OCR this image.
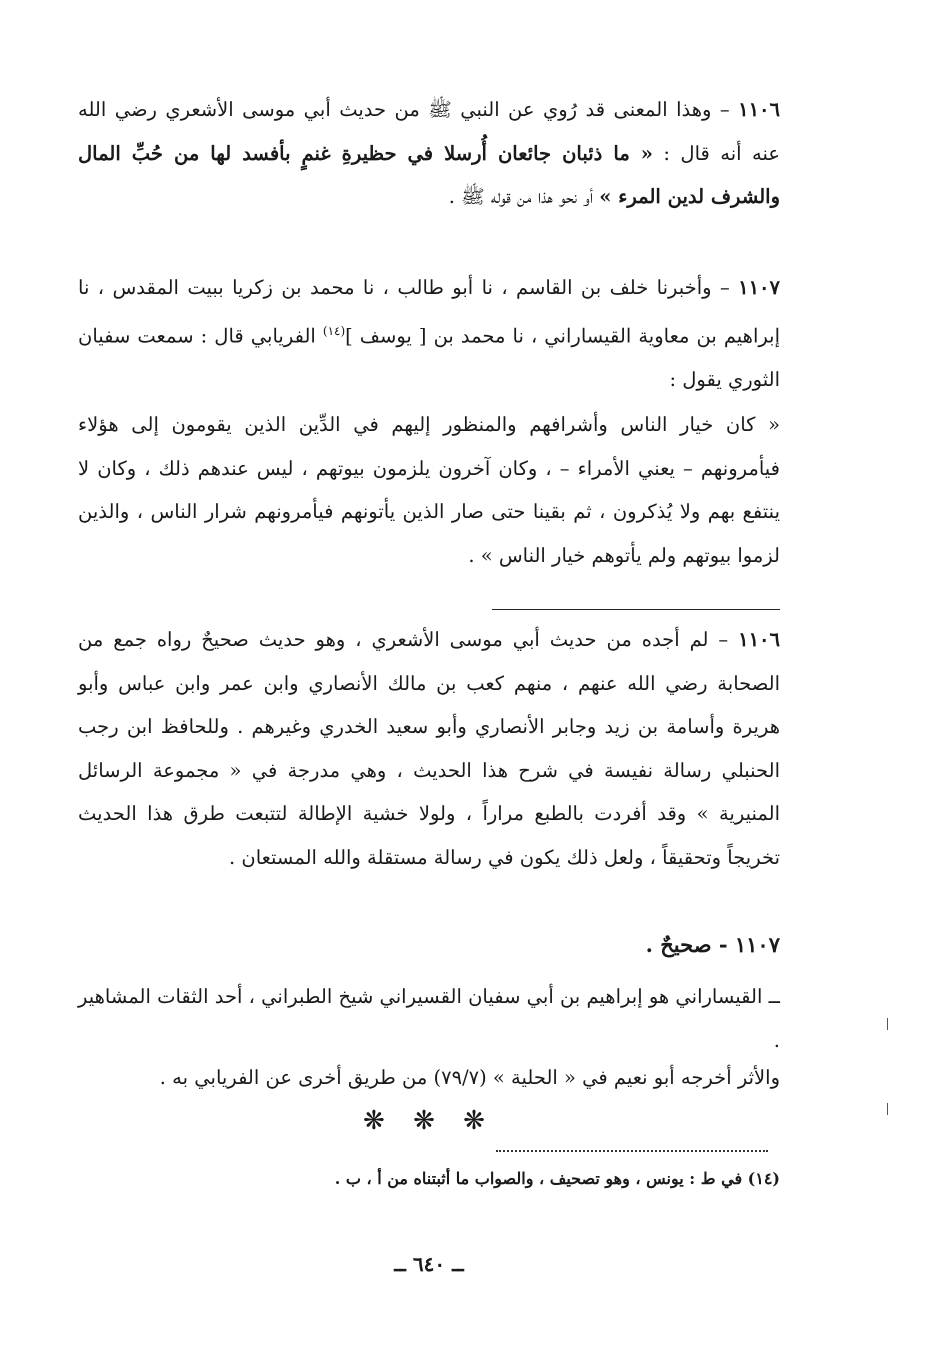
١١٠٦ – وهذا المعنى قد رُوي عن النبي ﷺ من حديث أبي موسى الأشعري رضي الله عنه أنه قال : « ما ذئبان جائعان أُرسلا في حظيرةِ غنمٍ بأفسد لها من حُبِّ المال والشرف لدين المرء » أو نحو هذا من قوله ﷺ .

١١٠٧ – وأخبرنا خلف بن القاسم ، نا أبو طالب ، نا محمد بن زكريا ببيت المقدس ، نا إبراهيم بن معاوية القيساراني ، نا محمد بن [ يوسف ]$^{(١٤)}$ الفريابي قال : سمعت سفيان الثوري يقول :

« كان خيار الناس وأشرافهم والمنظور إليهم في الدِّين الذين يقومون إلى هؤلاء فيأمرونهم – يعني الأمراء – ، وكان آخرون يلزمون بيوتهم ، ليس عندهم ذلك ، وكان لا ينتفع بهم ولا يُذكرون ، ثم بقينا حتى صار الذين يأتونهم فيأمرونهم شرار الناس ، والذين لزموا بيوتهم ولم يأتوهم خيار الناس » .

١١٠٦ – لم أجده من حديث أبي موسى الأشعري ، وهو حديث صحيحٌ رواه جمع من الصحابة رضي الله عنهم ، منهم كعب بن مالك الأنصاري وابن عمر وابن عباس وأبو هريرة وأسامة بن زيد وجابر الأنصاري وأبو سعيد الخدري وغيرهم . وللحافظ ابن رجب الحنبلي رسالة نفيسة في شرح هذا الحديث ، وهي مدرجة في « مجموعة الرسائل المنيرية » وقد أفردت بالطبع مراراً ، ولولا خشية الإطالة لتتبعت طرق هذا الحديث تخريجاً وتحقيقاً ، ولعل ذلك يكون في رسالة مستقلة والله المستعان .

١١٠٧ - صحيحٌ .

ــ القيساراني هو إبراهيم بن أبي سفيان القسيراني شيخ الطبراني ، أحد الثقات المشاهير .

والأثر أخرجه أبو نعيم في « الحلية » (٧٩/٧) من طريق أخرى عن الفريابي به .

❋ ❋ ❋
(١٤) في ط : يونس ، وهو تصحيف ، والصواب ما أثبتناه من أ ، ب .
ــ ٦٤٠ ــ
